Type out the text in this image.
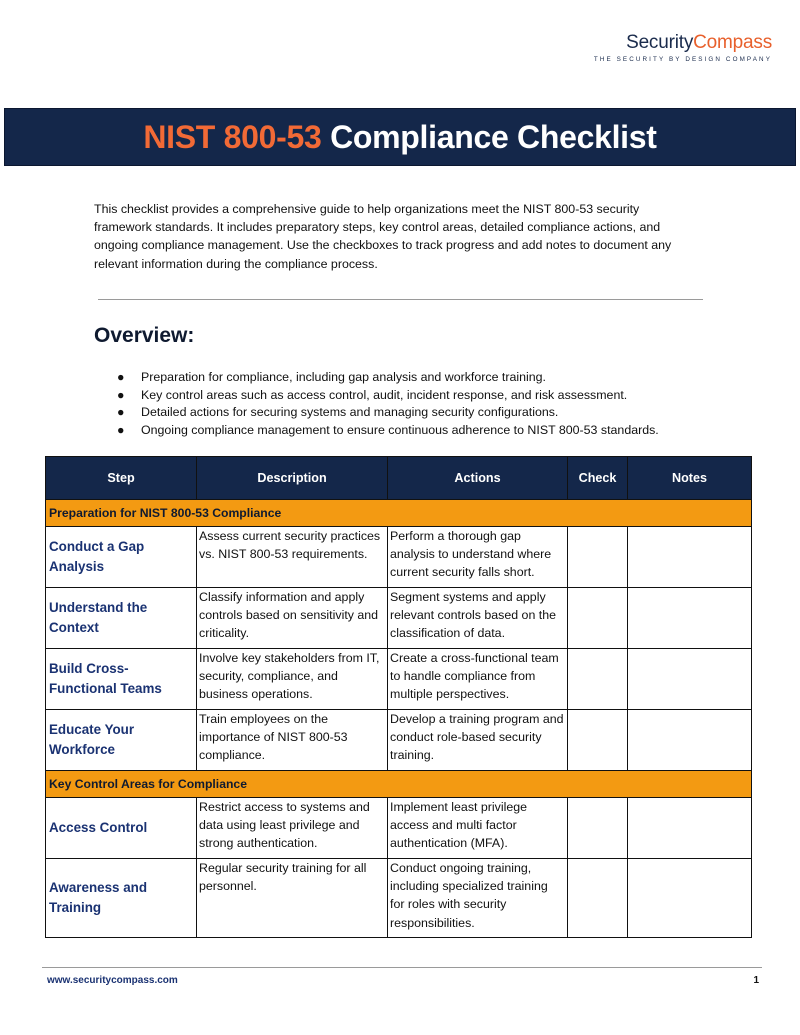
SecurityCompass
THE SECURITY BY DESIGN COMPANY
NIST 800-53 Compliance Checklist
This checklist provides a comprehensive guide to help organizations meet the NIST 800-53 security framework standards. It includes preparatory steps, key control areas, detailed compliance actions, and ongoing compliance management. Use the checkboxes to track progress and add notes to document any relevant information during the compliance process.
Overview:
● Preparation for compliance, including gap analysis and workforce training.
● Key control areas such as access control, audit, incident response, and risk assessment.
● Detailed actions for securing systems and managing security configurations.
● Ongoing compliance management to ensure continuous adherence to NIST 800-53 standards.
Step	Description	Actions	Check	Notes
Preparation for NIST 800-53 Compliance				
Conduct a Gap Analysis	Assess current security practices vs. NIST 800-53 requirements.	Perform a thorough gap analysis to understand where current security falls short.		
Understand the Context	Classify information and apply controls based on sensitivity and criticality.	Segment systems and apply relevant controls based on the classification of data.		
Build Cross-Functional Teams	Involve key stakeholders from IT, security, compliance, and business operations.	Create a cross-functional team to handle compliance from multiple perspectives.		
Educate Your Workforce	Train employees on the importance of NIST 800-53 compliance.	Develop a training program and conduct role-based security training.		
Key Control Areas for Compliance				
Access Control	Restrict access to systems and data using least privilege and strong authentication.	Implement least privilege access and multi factor authentication (MFA).		
Awareness and Training	Regular security training for all personnel.	Conduct ongoing training, including specialized training for roles with security responsibilities.		
www.securitycompass.com	1
